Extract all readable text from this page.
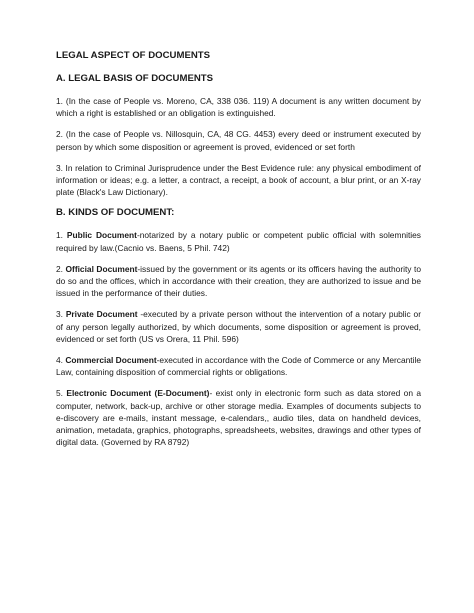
LEGAL ASPECT OF DOCUMENTS
A. LEGAL BASIS OF DOCUMENTS

1. (In the case of People vs. Moreno, CA, 338 036. 119) A document is any written document by which a right is established or an obligation is extinguished.

2. (In the case of People vs. Nillosquin, CA, 48 CG. 4453) every deed or instrument executed by person by which some disposition or agreement is proved, evidenced or set forth

3. In relation to Criminal Jurisprudence under the Best Evidence rule: any physical embodiment of information or ideas; e.g. a letter, a contract, a receipt, a book of account, a blur print, or an X-ray plate (Black's Law Dictionary).

B. KINDS OF DOCUMENT:

1. Public Document-notarized by a notary public or competent public official with solemnities required by law.(Cacnio vs. Baens, 5 Phil. 742)

2. Official Document-issued by the government or its agents or its officers having the authority to do so and the offices, which in accordance with their creation, they are authorized to issue and be issued in the performance of their duties.

3. Private Document -executed by a private person without the intervention of a notary public or of any person legally authorized, by which documents, some disposition or agreement is proved, evidenced or set forth (US vs Orera, 11 Phil. 596)

4. Commercial Document-executed in accordance with the Code of Commerce or any Mercantile Law, containing disposition of commercial rights or obligations.

5. Electronic Document (E-Document)- exist only in electronic form such as data stored on a computer, network, back-up, archive or other storage media. Examples of documents subjects to e-discovery are e-mails, instant message, e-calendars,, audio tiles, data on handheld devices, animation, metadata, graphics, photographs, spreadsheets, websites, drawings and other types of digital data. (Governed by RA 8792)
